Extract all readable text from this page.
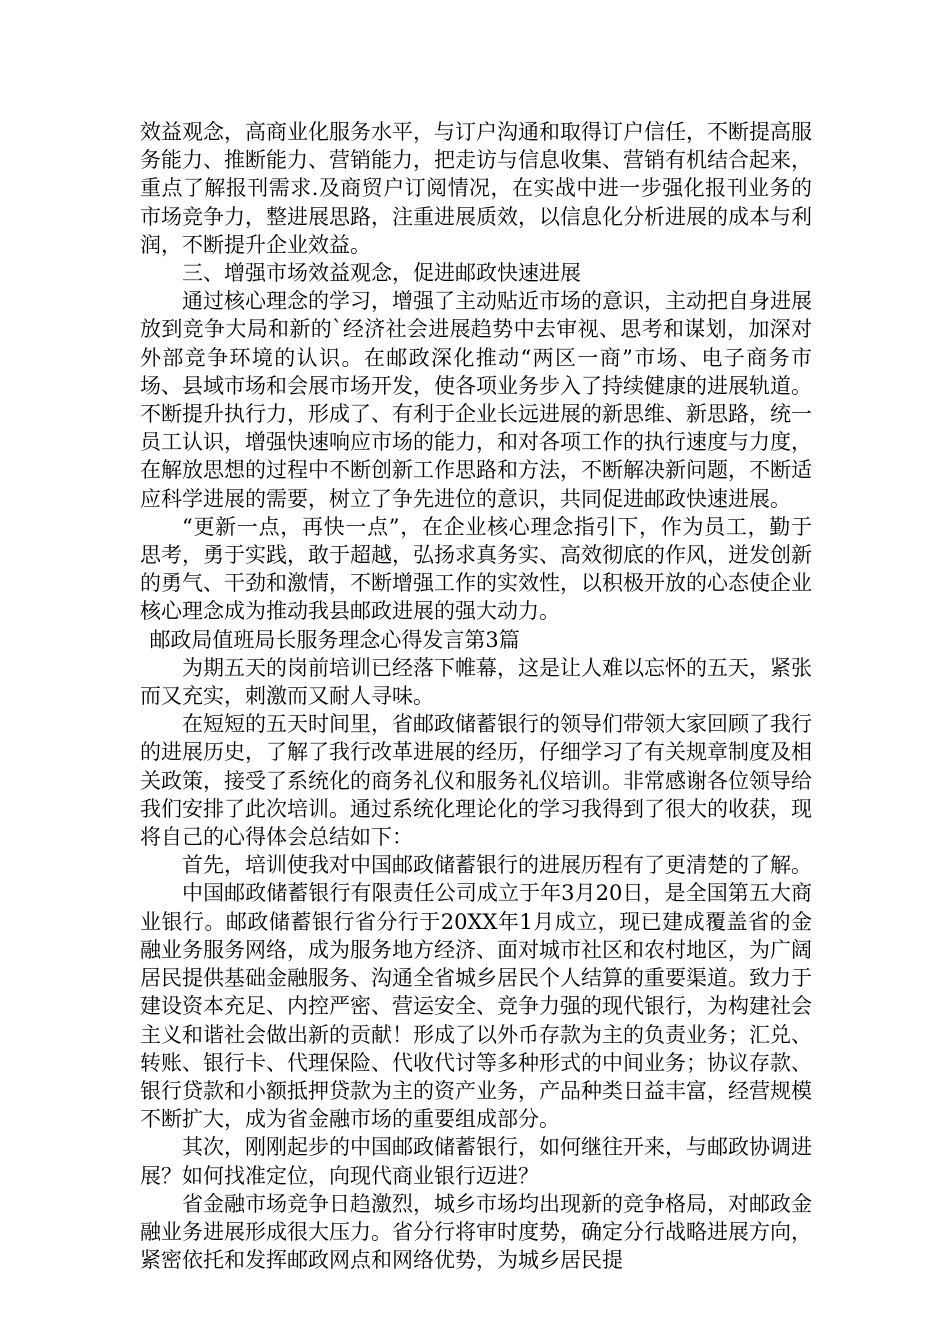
效益观念，高商业化服务水平，与订户沟通和取得订户信任，不断提高服务能力、推断能力、营销能力，把走访与信息收集、营销有机结合起来，重点了解报刊需求.及商贸户订阅情况，在实战中进一步强化报刊业务的市场竞争力，整进展思路，注重进展质效，以信息化分析进展的成本与利润，不断提升企业效益。

三、增强市场效益观念，促进邮政快速进展

通过核心理念的学习，增强了主动贴近市场的意识，主动把自身进展放到竞争大局和新的`经济社会进展趋势中去审视、思考和谋划，加深对外部竞争环境的认识。在邮政深化推动“两区一商”市场、电子商务市场、县域市场和会展市场开发，使各项业务步入了持续健康的进展轨道。不断提升执行力，形成了、有利于企业长远进展的新思维、新思路，统一员工认识，增强快速响应市场的能力，和对各项工作的执行速度与力度，在解放思想的过程中不断创新工作思路和方法，不断解决新问题，不断适应科学进展的需要，树立了争先进位的意识，共同促进邮政快速进展。

“更新一点，再快一点”，在企业核心理念指引下，作为员工，勤于思考，勇于实践，敢于超越，弘扬求真务实、高效彻底的作风，迸发创新的勇气、干劲和激情，不断增强工作的实效性，以积极开放的心态使企业核心理念成为推动我县邮政进展的强大动力。

邮政局值班局长服务理念心得发言第3篇

为期五天的岗前培训已经落下帷幕，这是让人难以忘怀的五天，紧张而又充实，刺激而又耐人寻味。

在短短的五天时间里，省邮政储蓄银行的领导们带领大家回顾了我行的进展历史，了解了我行改革进展的经历，仔细学习了有关规章制度及相关政策，接受了系统化的商务礼仪和服务礼仪培训。非常感谢各位领导给我们安排了此次培训。通过系统化理论化的学习我得到了很大的收获，现将自己的心得体会总结如下：

首先，培训使我对中国邮政储蓄银行的进展历程有了更清楚的了解。

中国邮政储蓄银行有限责任公司成立于年3月20日，是全国第五大商业银行。邮政储蓄银行省分行于20XX年1月成立，现已建成覆盖省的金融业务服务网络，成为服务地方经济、面对城市社区和农村地区，为广阔居民提供基础金融服务、沟通全省城乡居民个人结算的重要渠道。致力于建设资本充足、内控严密、营运安全、竞争力强的现代银行，为构建社会主义和谐社会做出新的贡献！形成了以外币存款为主的负责业务；汇兑、转账、银行卡、代理保险、代收代讨等多种形式的中间业务；协议存款、银行贷款和小额抵押贷款为主的资产业务，产品种类日益丰富，经营规模不断扩大，成为省金融市场的重要组成部分。

其次，刚刚起步的中国邮政储蓄银行，如何继往开来，与邮政协调进展？如何找准定位，向现代商业银行迈进？

省金融市场竞争日趋激烈，城乡市场均出现新的竞争格局，对邮政金融业务进展形成很大压力。省分行将审时度势，确定分行战略进展方向，紧密依托和发挥邮政网点和网络优势，为城乡居民提
